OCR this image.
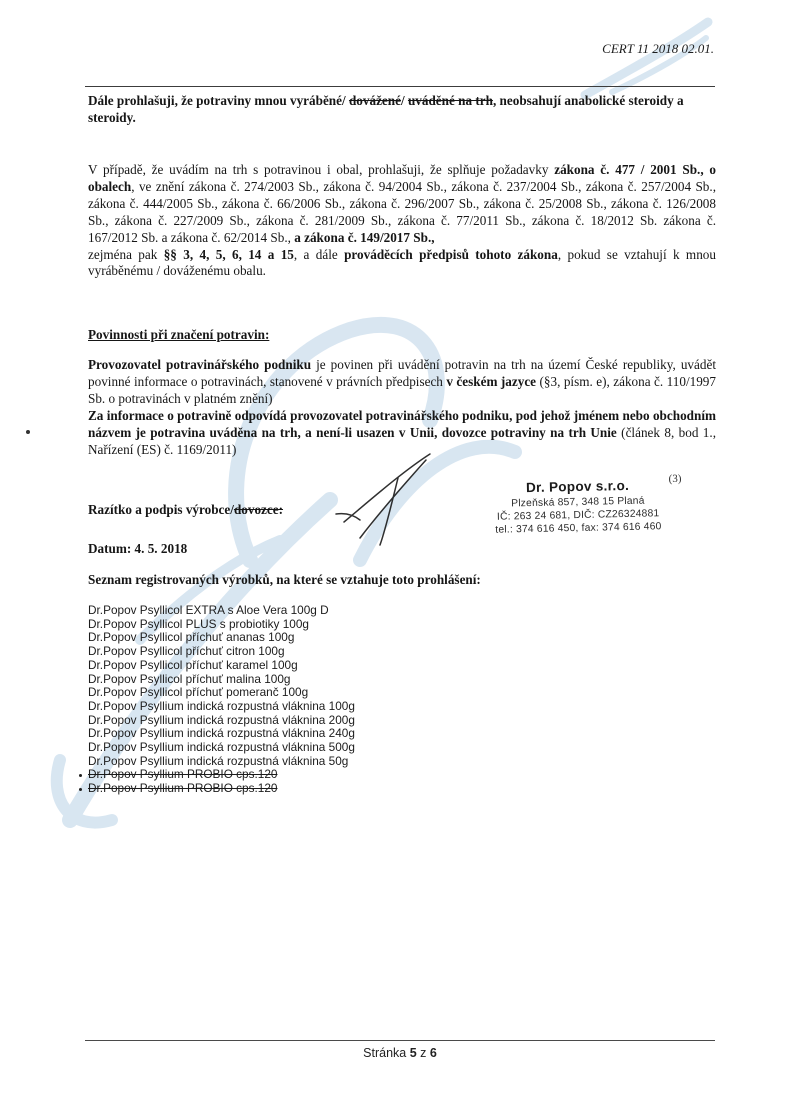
CERT 11 2018 02.01.

Dále prohlašuji, že potraviny mnou vyráběné/ dovážené/ uváděné na trh, neobsahují anabolické steroidy a steroidy.

V případě, že uvádím na trh s potravinou i obal, prohlašuji, že splňuje požadavky zákona č. 477 / 2001 Sb., o obalech, ve znění zákona č. 274/2003 Sb., zákona č. 94/2004 Sb., zákona č. 237/2004 Sb., zákona č. 257/2004 Sb., zákona č. 444/2005 Sb., zákona č. 66/2006 Sb., zákona č. 296/2007 Sb., zákona č. 25/2008 Sb., zákona č. 126/2008 Sb., zákona č. 227/2009 Sb., zákona č. 281/2009 Sb., zákona č. 77/2011 Sb., zákona č. 18/2012 Sb. zákona č. 167/2012 Sb. a zákona č. 62/2014 Sb., a zákona č. 149/2017 Sb.,
zejména pak §§ 3, 4, 5, 6, 14 a 15, a dále prováděcích předpisů tohoto zákona, pokud se vztahují k mnou vyráběnému / dováženému obalu.

Povinnosti při značení potravin:

Provozovatel potravinářského podniku je povinen při uvádění potravin na trh na území České republiky, uvádět povinné informace o potravinách, stanovené v právních předpisech v českém jazyce (§3, písm. e), zákona č. 110/1997 Sb. o potravinách v platném znění)
Za informace o potravině odpovídá provozovatel potravinářského podniku, pod jehož jménem nebo obchodním názvem je potravina uváděna na trh, a není-li usazen v Unii, dovozce potraviny na trh Unie (článek 8, bod 1., Nařízení (ES) č. 1169/2011)

Razítko a podpis výrobce/dovozce:

Dr. Popov s.r.o.	(3)
Plzeňská 857, 348 15 Planá
IČ: 263 24 681, DIČ: CZ26324881
tel.: 374 616 450, fax: 374 616 460

Datum: 4. 5. 2018

Seznam registrovaných výrobků, na které se vztahuje toto prohlášení:

Dr.Popov Psyllicol EXTRA s Aloe Vera 100g D
Dr.Popov Psyllicol PLUS s probiotiky 100g
Dr.Popov Psyllicol příchuť ananas 100g
Dr.Popov Psyllicol příchuť citron 100g
Dr.Popov Psyllicol příchuť karamel 100g
Dr.Popov Psyllicol příchuť malina 100g
Dr.Popov Psyllicol příchuť pomeranč 100g
Dr.Popov Psyllium indická rozpustná vláknina 100g
Dr.Popov Psyllium indická rozpustná vláknina 200g
Dr.Popov Psyllium indická rozpustná vláknina 240g
Dr.Popov Psyllium indická rozpustná vláknina 500g
Dr.Popov Psyllium indická rozpustná vláknina 50g
Dr.Popov Psyllium PROBIO cps.120
Dr.Popov Psyllium PROBIO cps.120
Stránka 5 z 6
